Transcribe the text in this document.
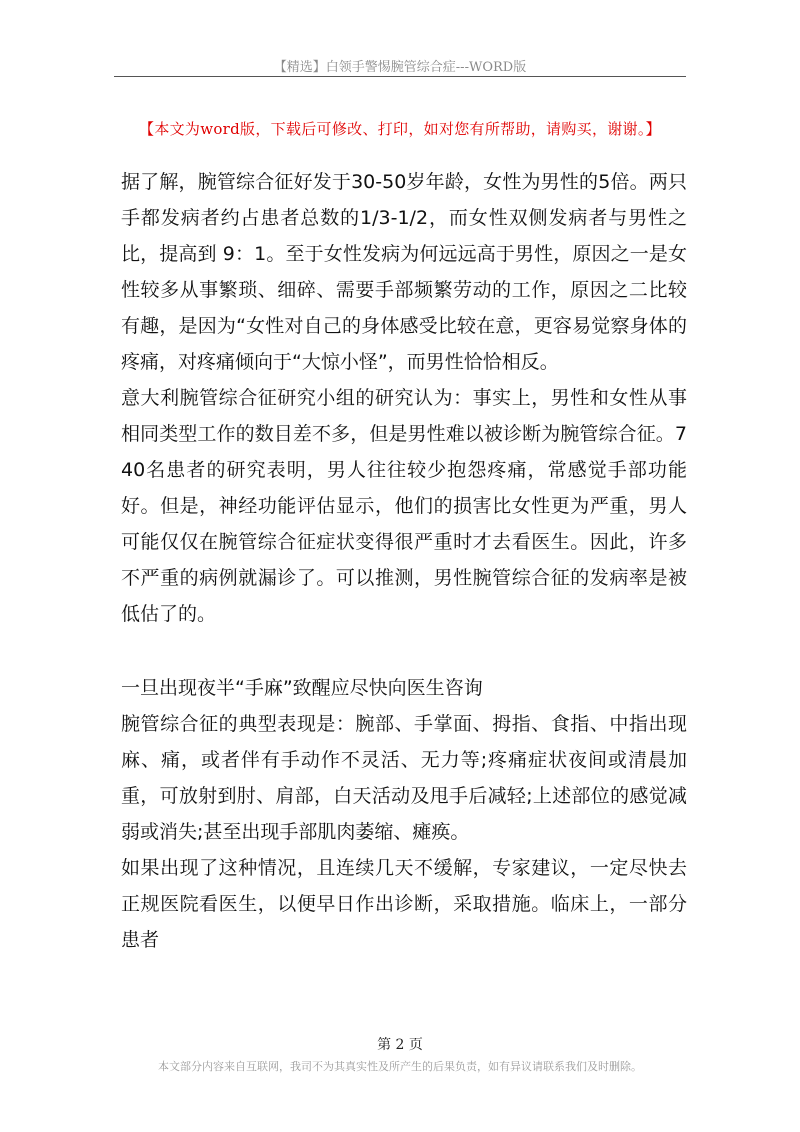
【精选】白领手警惕腕管综合症---WORD版
【本文为word版，下载后可修改、打印，如对您有所帮助，请购买，谢谢。】

据了解，腕管综合征好发于30-50岁年龄，女性为男性的5倍。两只手都发病者约占患者总数的1/3-1/2，而女性双侧发病者与男性之比，提高到 9：1。至于女性发病为何远远高于男性，原因之一是女性较多从事繁琐、细碎、需要手部频繁劳动的工作，原因之二比较有趣，是因为“女性对自己的身体感受比较在意，更容易觉察身体的疼痛，对疼痛倾向于“大惊小怪”，而男性恰恰相反。

意大利腕管综合征研究小组的研究认为：事实上，男性和女性从事相同类型工作的数目差不多，但是男性难以被诊断为腕管综合征。740名患者的研究表明，男人往往较少抱怨疼痛，常感觉手部功能好。但是，神经功能评估显示，他们的损害比女性更为严重，男人可能仅仅在腕管综合征症状变得很严重时才去看医生。因此，许多不严重的病例就漏诊了。可以推测，男性腕管综合征的发病率是被低估了的。

一旦出现夜半“手麻”致醒应尽快向医生咨询

腕管综合征的典型表现是：腕部、手掌面、拇指、食指、中指出现麻、痛，或者伴有手动作不灵活、无力等;疼痛症状夜间或清晨加重，可放射到肘、肩部，白天活动及甩手后减轻;上述部位的感觉减弱或消失;甚至出现手部肌肉萎缩、瘫痪。

如果出现了这种情况，且连续几天不缓解，专家建议，一定尽快去正规医院看医生，以便早日作出诊断，采取措施。临床上，一部分患者

第 2 页
本文部分内容来自互联网，我司不为其真实性及所产生的后果负责，如有异议请联系我们及时删除。
